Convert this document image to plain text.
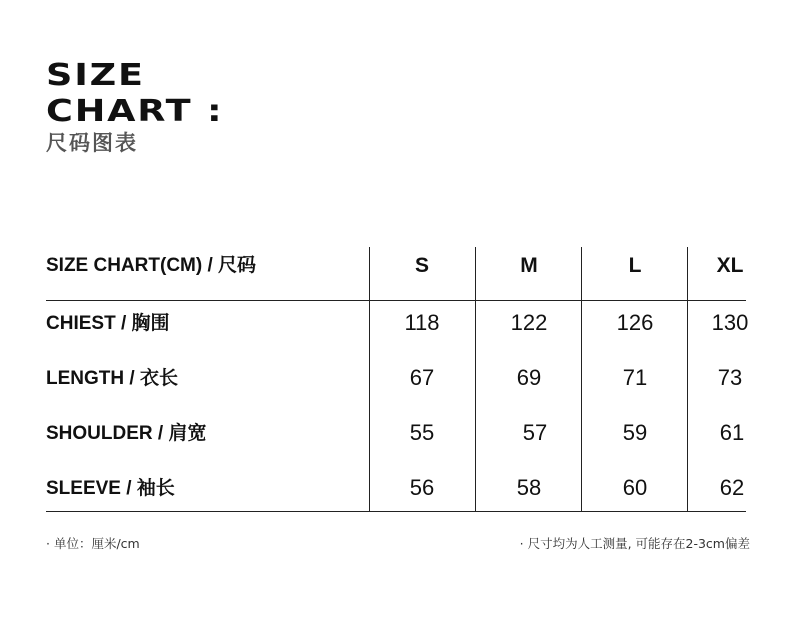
SIZE
CHART :
尺码图表
SIZE CHART(CM) / 尺码	S	M	L	XL
CHIEST / 胸围	118	122	126	130
LENGTH / 衣长	67	69	71	73
SHOULDER / 肩宽	55	57	59	61
SLEEVE / 袖长	56	58	60	62
· 单位：厘米/cm	· 尺寸均为人工测量, 可能存在2-3cm偏差
